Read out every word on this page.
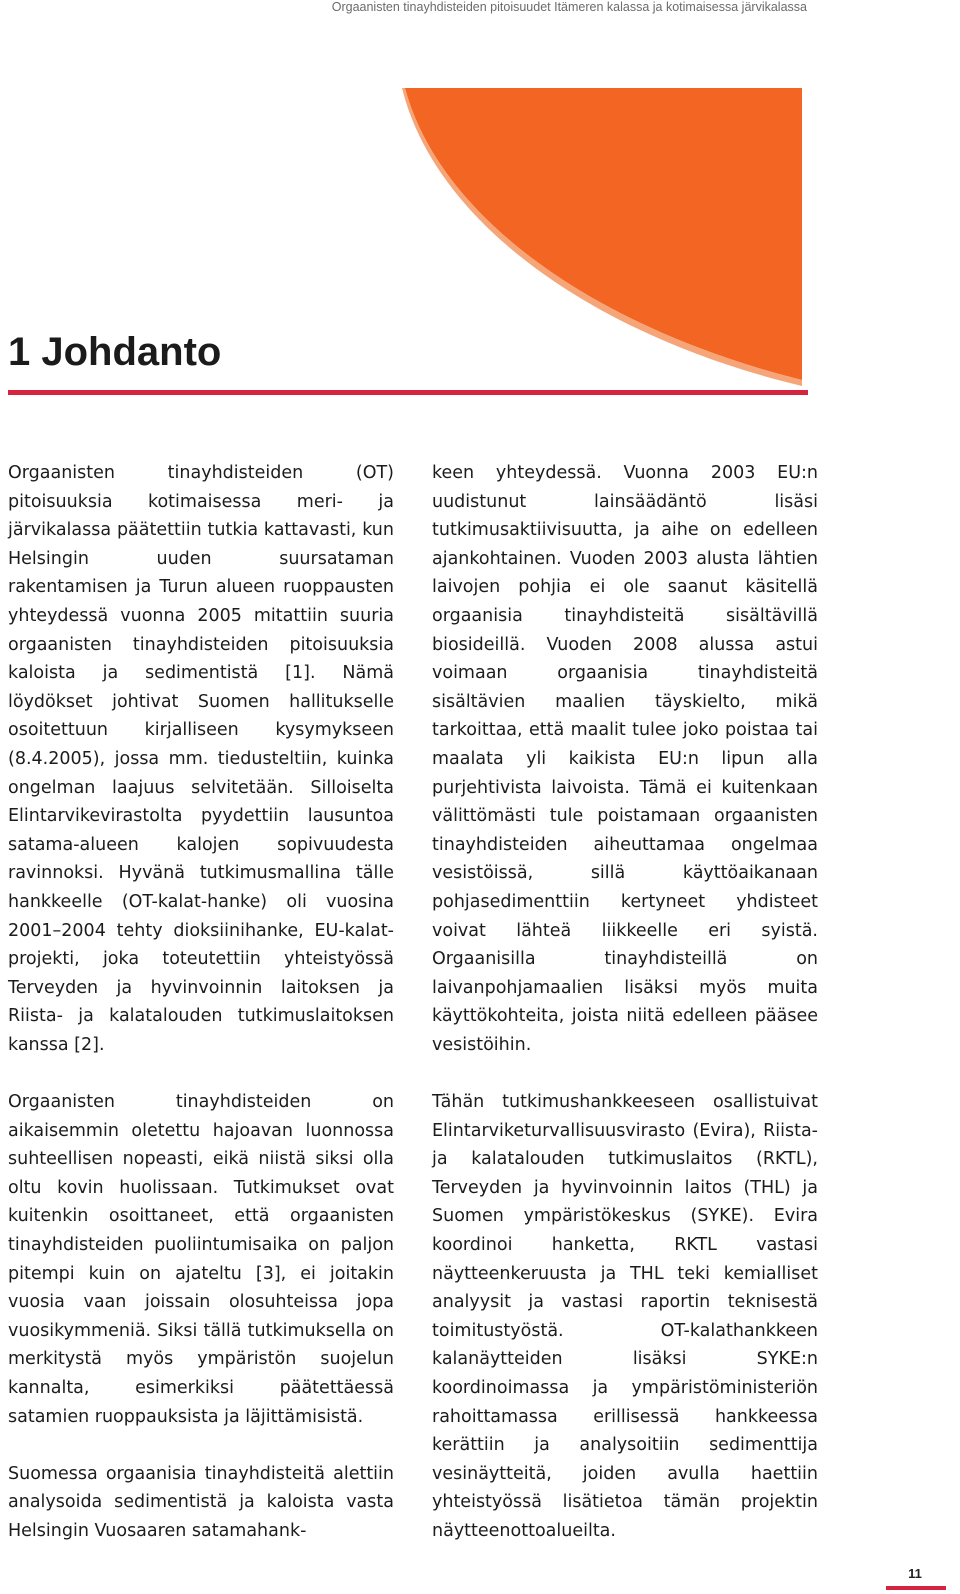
Orgaanisten tinayhdisteiden pitoisuudet Itämeren kalassa ja kotimaisessa järvikalassa
1 Johdanto

Orgaanisten tinayhdisteiden (OT) pitoisuuksia kotimaisessa meri- ja järvikalassa päätettiin tutkia kattavasti, kun Helsingin uuden suursataman rakentamisen ja Turun alueen ruoppausten yhteydessä vuonna 2005 mitattiin suuria orgaanisten tinayhdisteiden pitoisuuksia kaloista ja sedimentistä [1]. Nämä löydökset johtivat Suomen hallitukselle osoitettuun kirjalliseen kysymykseen (8.4.2005), jossa mm. tiedusteltiin, kuinka ongelman laajuus selvitetään. Silloiselta Elintarvikevirastolta pyydettiin lausuntoa satama-alueen kalojen sopivuudesta ravinnoksi. Hyvänä tutkimusmallina tälle hankkeelle (OT-kalat-hanke) oli vuosina 2001–2004 tehty dioksiinihanke, EU-kalat-projekti, joka toteutettiin yhteistyössä Terveyden ja hyvinvoinnin laitoksen ja Riista- ja kalatalouden tutkimuslaitoksen kanssa [2].

Orgaanisten tinayhdisteiden on aikaisemmin oletettu hajoavan luonnossa suhteellisen nopeasti, eikä niistä siksi olla oltu kovin huolissaan. Tutkimukset ovat kuitenkin osoittaneet, että orgaanisten tinayhdisteiden puoliintumisaika on paljon pitempi kuin on ajateltu [3], ei joitakin vuosia vaan joissain olosuhteissa jopa vuosikymmeniä. Siksi tällä tutkimuksella on merkitystä myös ympäristön suojelun kannalta, esimerkiksi päätettäessä satamien ruoppauksista ja läjittämisistä.

Suomessa orgaanisia tinayhdisteitä alettiin analysoida sedimentistä ja kaloista vasta Helsingin Vuosaaren satamahank-

keen yhteydessä. Vuonna 2003 EU:n uudistunut lainsäädäntö lisäsi tutkimusaktiivisuutta, ja aihe on edelleen ajankohtainen. Vuoden 2003 alusta lähtien laivojen pohjia ei ole saanut käsitellä orgaanisia tinayhdisteitä sisältävillä biosideillä. Vuoden 2008 alussa astui voimaan orgaanisia tinayhdisteitä sisältävien maalien täyskielto, mikä tarkoittaa, että maalit tulee joko poistaa tai maalata yli kaikista EU:n lipun alla purjehtivista laivoista. Tämä ei kuitenkaan välittömästi tule poistamaan orgaanisten tinayhdisteiden aiheuttamaa ongelmaa vesistöissä, sillä käyttöaikanaan pohjasedimenttiin kertyneet yhdisteet voivat lähteä liikkeelle eri syistä. Orgaanisilla tinayhdisteillä on laivanpohjamaalien lisäksi myös muita käyttökohteita, joista niitä edelleen pääsee vesistöihin.

Tähän tutkimushankkeeseen osallistuivat Elintarviketurvallisuusvirasto (Evira), Riista- ja kalatalouden tutkimuslaitos (RKTL), Terveyden ja hyvinvoinnin laitos (THL) ja Suomen ympäristökeskus (SYKE). Evira koordinoi hanketta, RKTL vastasi näytteenkeruusta ja THL teki kemialliset analyysit ja vastasi raportin teknisestä toimitustyöstä. OT-kalathankkeen kalanäytteiden lisäksi SYKE:n koordinoimassa ja ympäristöministeriön rahoittamassa erillisessä hankkeessa kerättiin ja analysoitiin sedimenttija vesinäytteitä, joiden avulla haettiin yhteistyössä lisätietoa tämän projektin näytteenottoalueilta.

11
